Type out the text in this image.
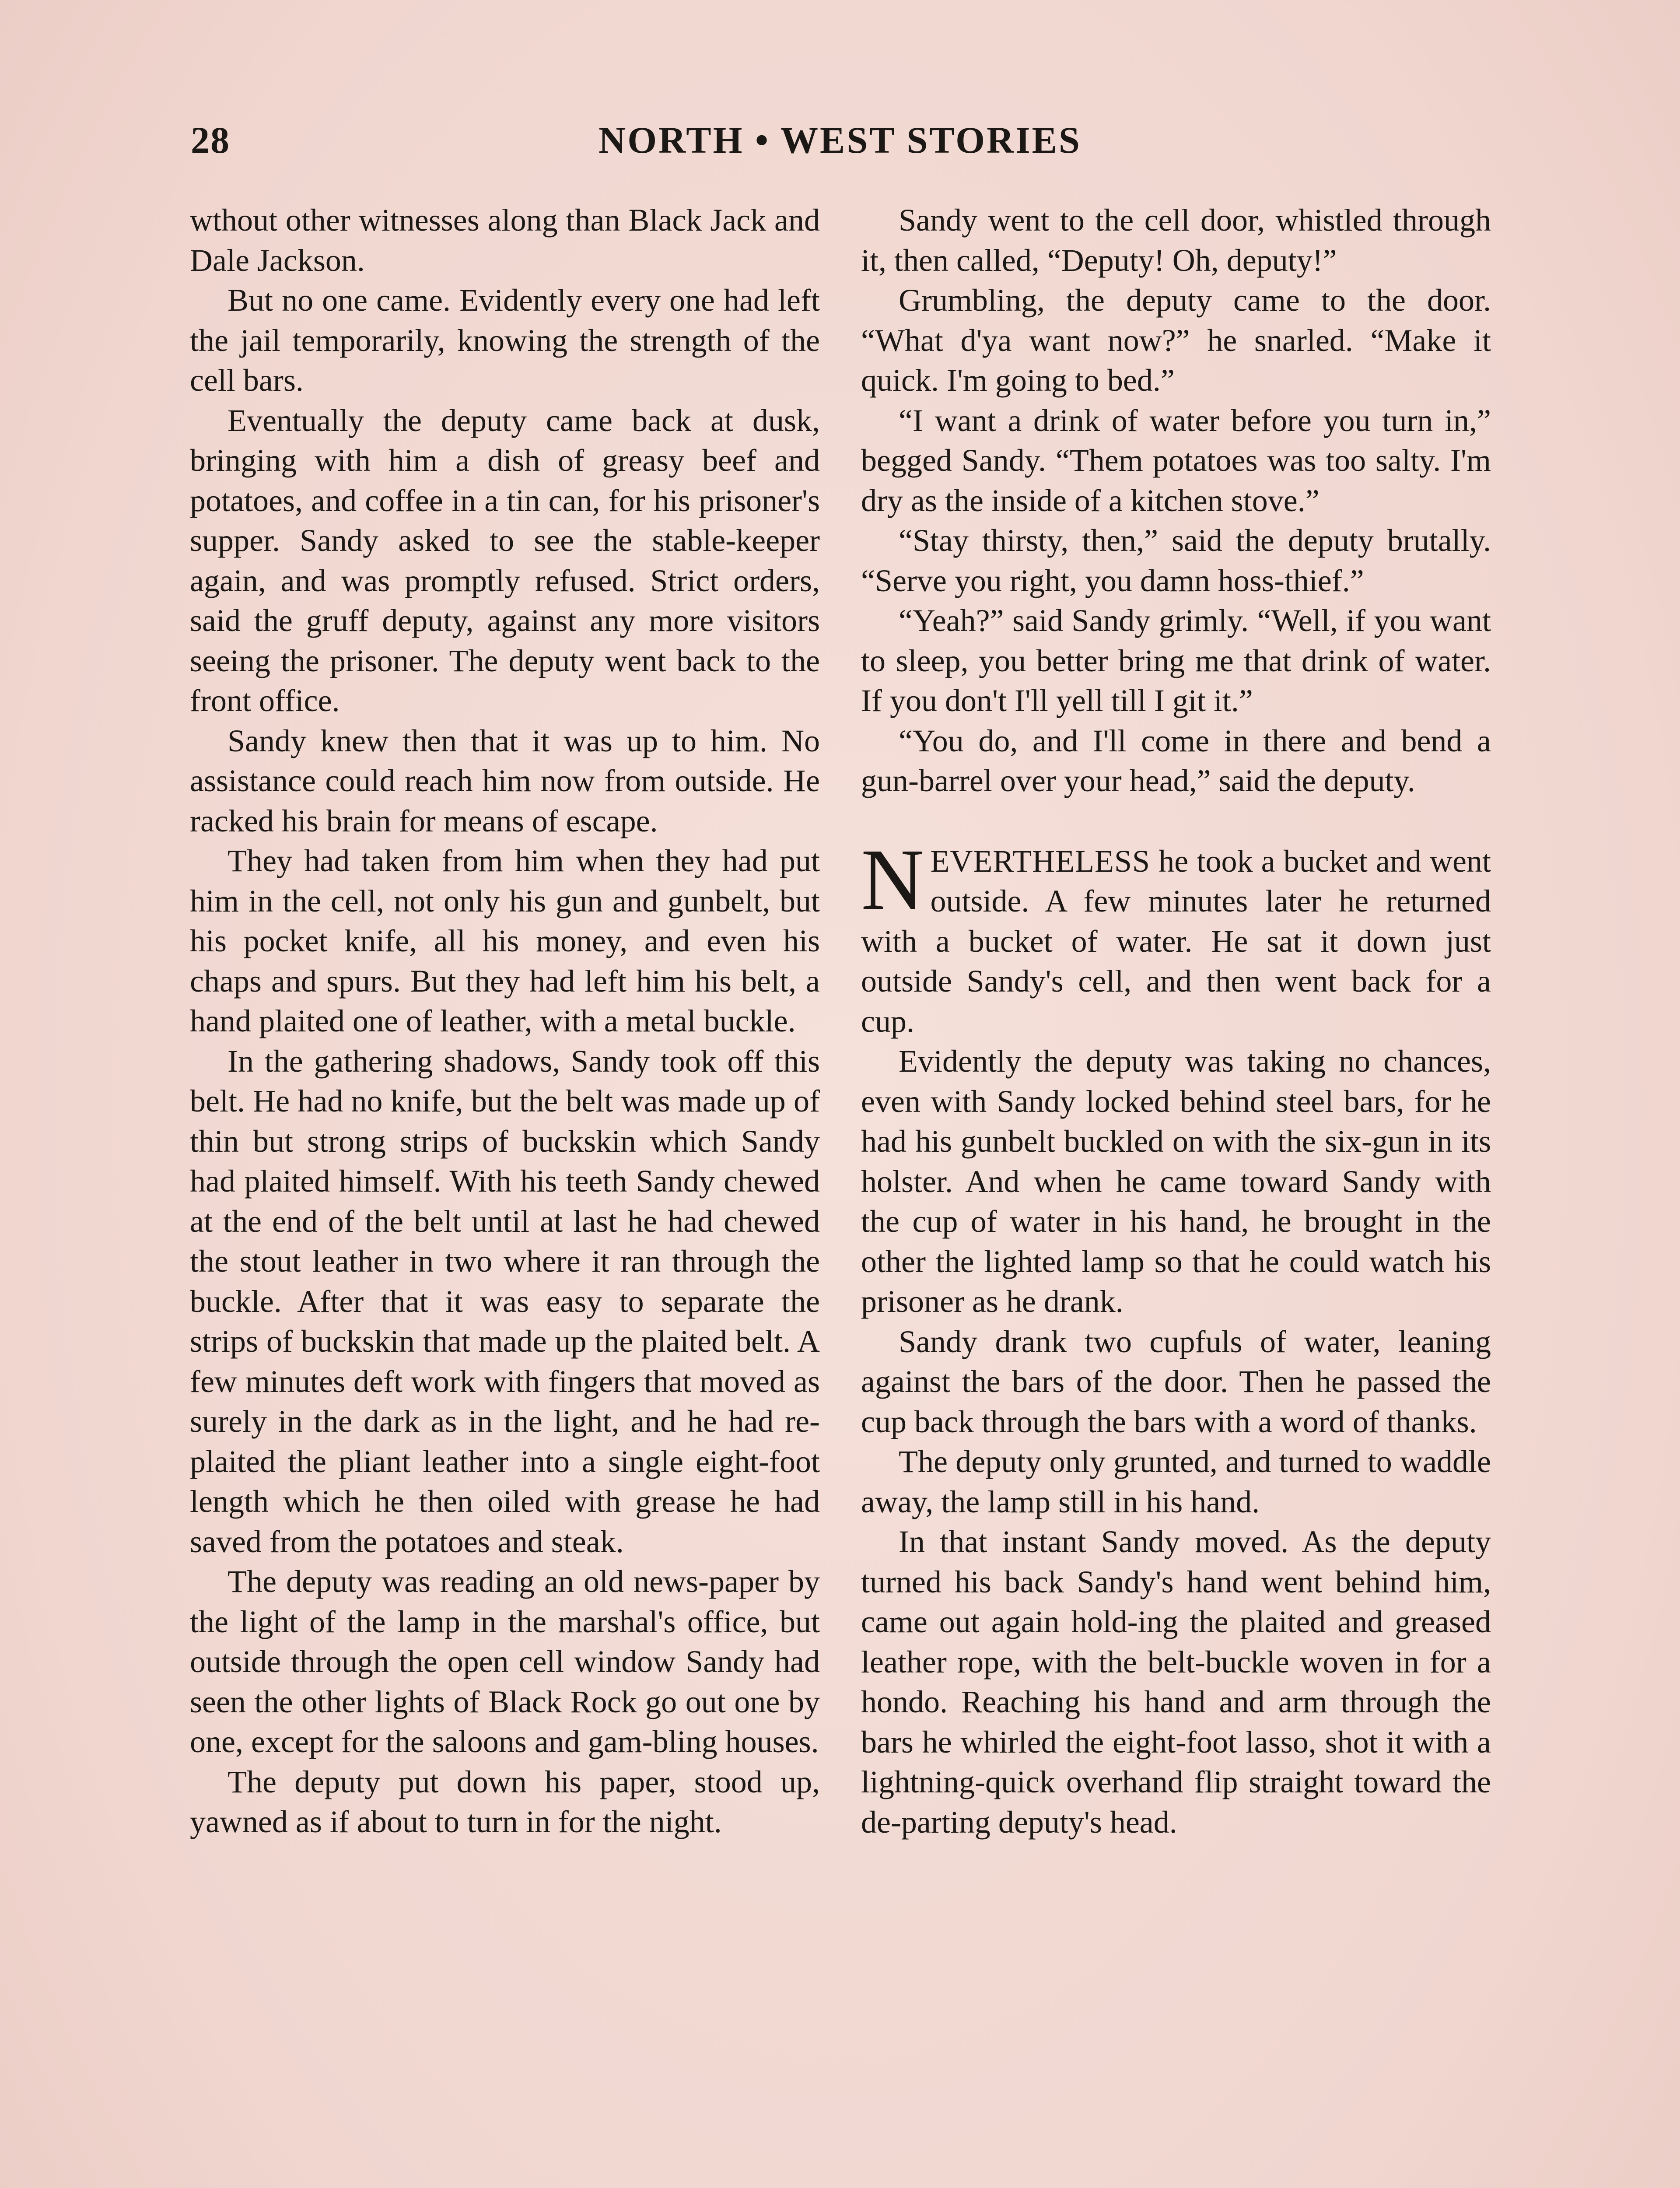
NORTH • WEST STORIES
28

wthout other witnesses along than Black Jack and Dale Jackson.

But no one came. Evidently every one had left the jail temporarily, knowing the strength of the cell bars.

Eventually the deputy came back at dusk, bringing with him a dish of greasy beef and potatoes, and coffee in a tin can, for his prisoner's supper. Sandy asked to see the stable-keeper again, and was promptly refused. Strict orders, said the gruff deputy, against any more visitors seeing the prisoner. The deputy went back to the front office.

Sandy knew then that it was up to him. No assistance could reach him now from outside. He racked his brain for means of escape.

They had taken from him when they had put him in the cell, not only his gun and gunbelt, but his pocket knife, all his money, and even his chaps and spurs. But they had left him his belt, a hand plaited one of leather, with a metal buckle.

In the gathering shadows, Sandy took off this belt. He had no knife, but the belt was made up of thin but strong strips of buckskin which Sandy had plaited himself. With his teeth Sandy chewed at the end of the belt until at last he had chewed the stout leather in two where it ran through the buckle. After that it was easy to separate the strips of buckskin that made up the plaited belt. A few minutes deft work with fingers that moved as surely in the dark as in the light, and he had re-plaited the pliant leather into a single eight-foot length which he then oiled with grease he had saved from the potatoes and steak.

The deputy was reading an old news-paper by the light of the lamp in the marshal's office, but outside through the open cell window Sandy had seen the other lights of Black Rock go out one by one, except for the saloons and gam-bling houses.

The deputy put down his paper, stood up, yawned as if about to turn in for the night.

Sandy went to the cell door, whistled through it, then called, “Deputy! Oh, deputy!”

Grumbling, the deputy came to the door. “What d'ya want now?” he snarled. “Make it quick. I'm going to bed.”

“I want a drink of water before you turn in,” begged Sandy. “Them potatoes was too salty. I'm dry as the inside of a kitchen stove.”

“Stay thirsty, then,” said the deputy brutally. “Serve you right, you damn hoss-thief.”

“Yeah?” said Sandy grimly. “Well, if you want to sleep, you better bring me that drink of water. If you don't I'll yell till I git it.”

“You do, and I'll come in there and bend a gun-barrel over your head,” said the deputy.

NEVERTHELESS he took a bucket and went outside. A few minutes later he returned with a bucket of water. He sat it down just outside Sandy's cell, and then went back for a cup.

Evidently the deputy was taking no chances, even with Sandy locked behind steel bars, for he had his gunbelt buckled on with the six-gun in its holster. And when he came toward Sandy with the cup of water in his hand, he brought in the other the lighted lamp so that he could watch his prisoner as he drank.

Sandy drank two cupfuls of water, leaning against the bars of the door. Then he passed the cup back through the bars with a word of thanks.

The deputy only grunted, and turned to waddle away, the lamp still in his hand.

In that instant Sandy moved. As the deputy turned his back Sandy's hand went behind him, came out again hold-ing the plaited and greased leather rope, with the belt-buckle woven in for a hondo. Reaching his hand and arm through the bars he whirled the eight-foot lasso, shot it with a lightning-quick overhand flip straight toward the de-parting deputy's head.
